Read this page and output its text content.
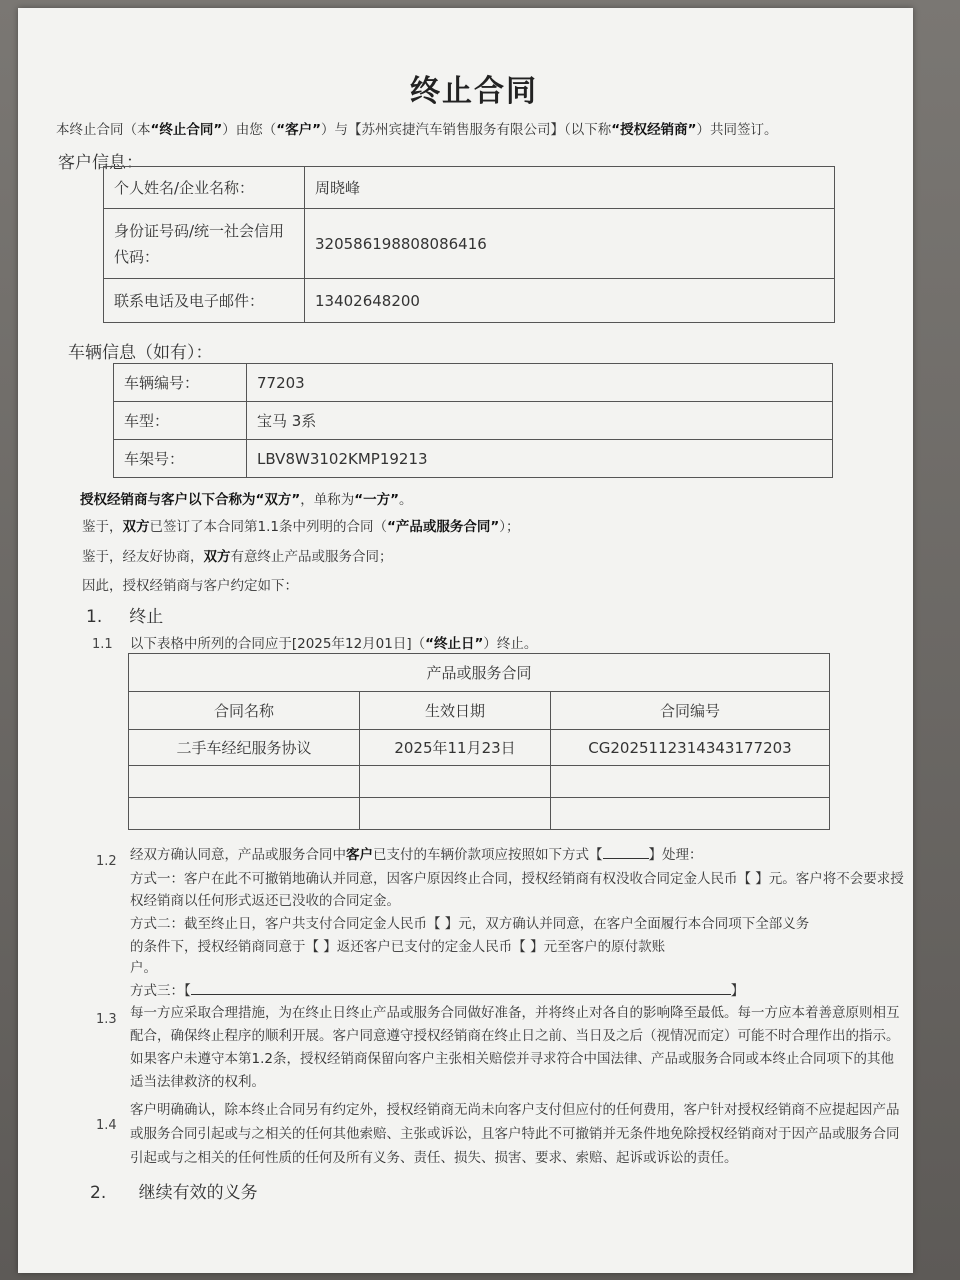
终止合同
本终止合同（本“终止合同”）由您（“客户”）与【苏州宾捷汽车销售服务有限公司】（以下称“授权经销商”）共同签订。
客户信息：
个人姓名/企业名称：	周晓峰
身份证号码/统一社会信用
代码：	320586198808086416
联系电话及电子邮件：	13402648200
车辆信息（如有）：
车辆编号：	77203
车型：	宝马 3系
车架号：	LBV8W3102KMP19213
授权经销商与客户以下合称为“双方”，单称为“一方”。
鉴于，双方已签订了本合同第1.1条中列明的合同（“产品或服务合同”）；
鉴于，经友好协商，双方有意终止产品或服务合同；
因此，授权经销商与客户约定如下：
1. 终止
1.1 以下表格中所列的合同应于[2025年12月01日]（“终止日”）终止。
产品或服务合同		
合同名称	生效日期	合同编号
二手车经纪服务协议	2025年11月23日	CG2025112314343177203

1.2 经双方确认同意，产品或服务合同中客户已支付的车辆价款项应按照如下方式【	】处理：
方式一：客户在此不可撤销地确认并同意，因客户原因终止合同，授权经销商有权没收合同定金人民币【 】元。客户将不会要求授
权经销商以任何形式返还已没收的合同定金。
方式二：截至终止日，客户共支付合同定金人民币【 】元，双方确认并同意，在客户全面履行本合同项下全部义务
的条件下，授权经销商同意于【 】返还客户已支付的定金人民币【 】元至客户的原付款账
户。
方式三：【	】
1.3 每一方应采取合理措施，为在终止日终止产品或服务合同做好准备，并将终止对各自的影响降至最低。每一方应本着善意原则相互
配合，确保终止程序的顺利开展。客户同意遵守授权经销商在终止日之前、当日及之后（视情况而定）可能不时合理作出的指示。
如果客户未遵守本第1.2条，授权经销商保留向客户主张相关赔偿并寻求符合中国法律、产品或服务合同或本终止合同项下的其他
适当法律救济的权利。
1.4
客户明确确认，除本终止合同另有约定外，授权经销商无尚未向客户支付但应付的任何费用，客户针对授权经销商不应提起因产品
或服务合同引起或与之相关的任何其他索赔、主张或诉讼，且客户特此不可撤销并无条件地免除授权经销商对于因产品或服务合同
引起或与之相关的任何性质的任何及所有义务、责任、损失、损害、要求、索赔、起诉或诉讼的责任。
2. 继续有效的义务
